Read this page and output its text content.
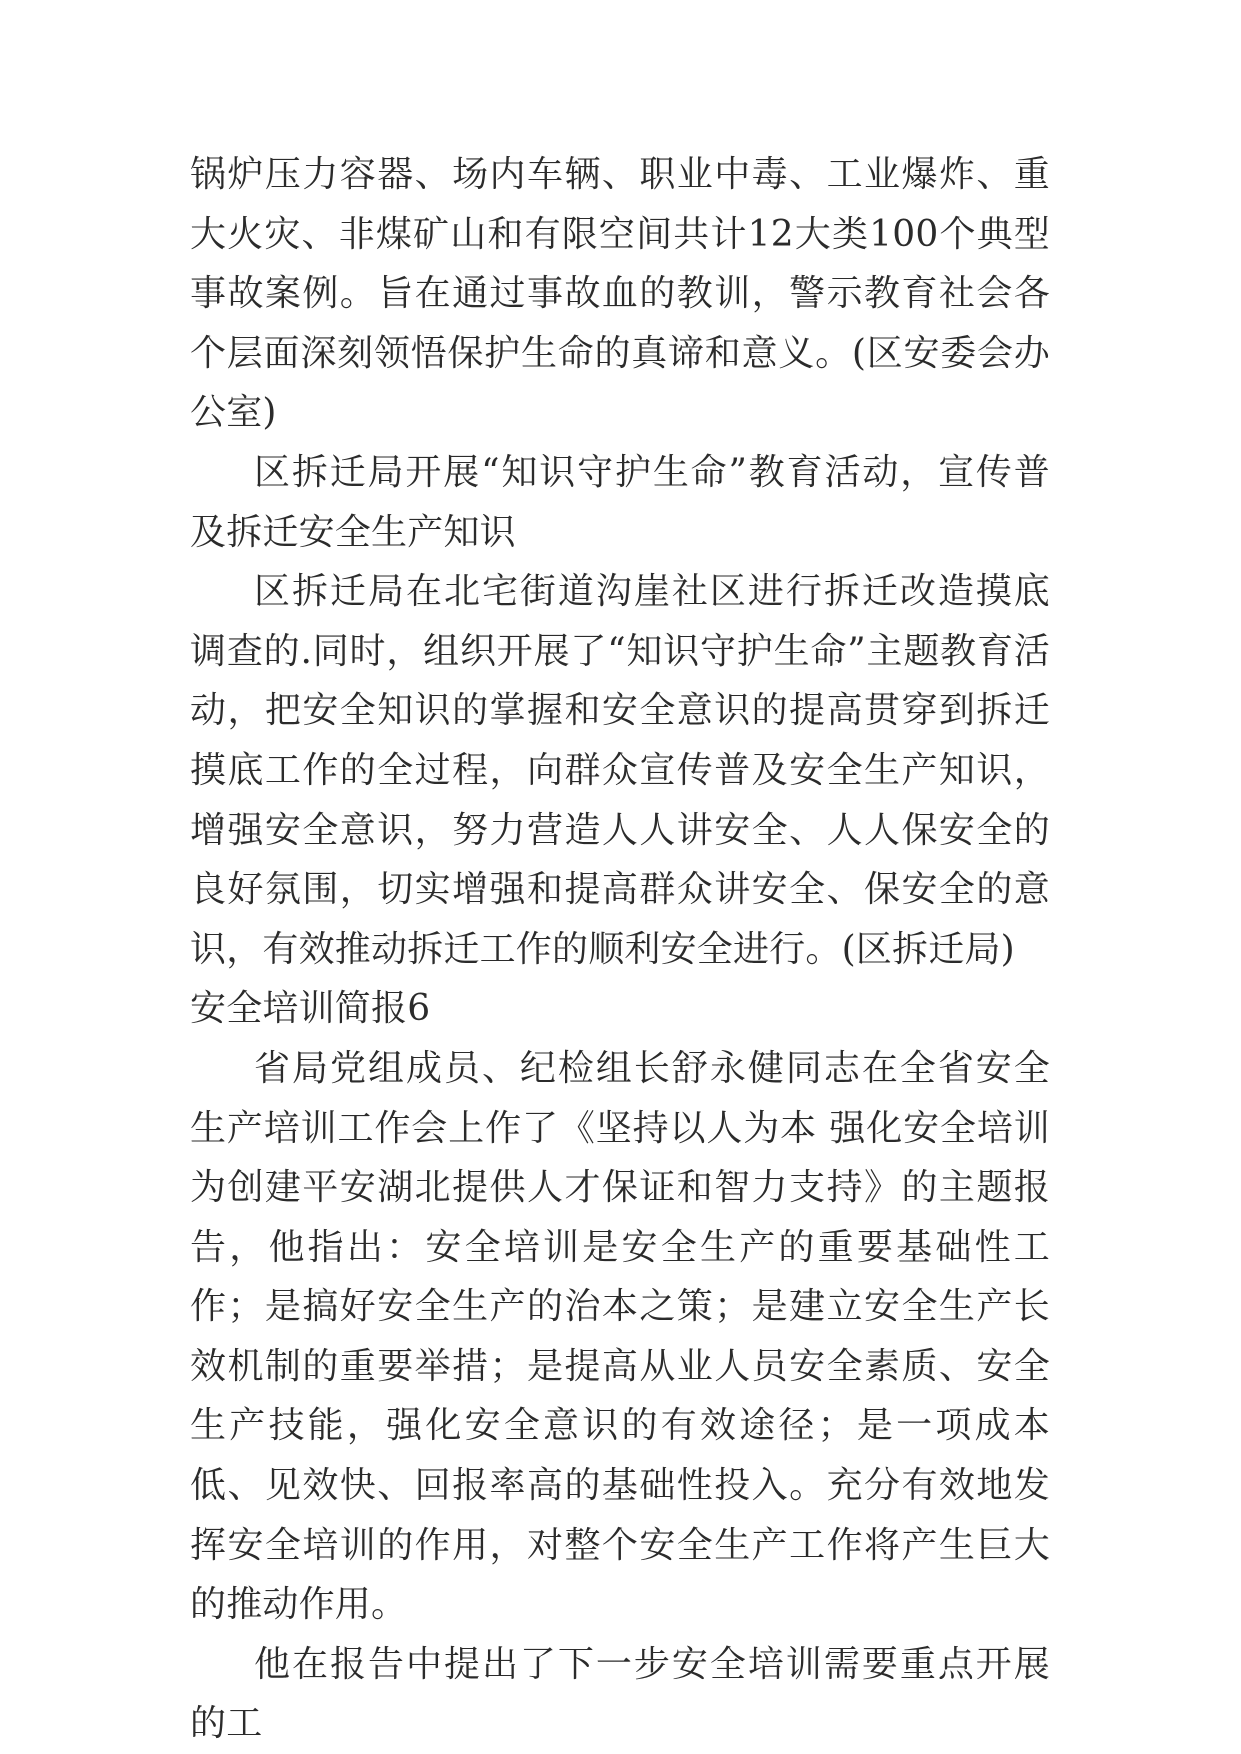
锅炉压力容器、场内车辆、职业中毒、工业爆炸、重大火灾、非煤矿山和有限空间共计12大类100个典型事故案例。旨在通过事故血的教训，警示教育社会各个层面深刻领悟保护生命的真谛和意义。(区安委会办公室)

区拆迁局开展“知识守护生命”教育活动，宣传普及拆迁安全生产知识

区拆迁局在北宅街道沟崖社区进行拆迁改造摸底调查的.同时，组织开展了“知识守护生命”主题教育活动，把安全知识的掌握和安全意识的提高贯穿到拆迁摸底工作的全过程，向群众宣传普及安全生产知识，增强安全意识，努力营造人人讲安全、人人保安全的良好氛围，切实增强和提高群众讲安全、保安全的意识，有效推动拆迁工作的顺利安全进行。(区拆迁局)

安全培训简报6

省局党组成员、纪检组长舒永健同志在全省安全生产培训工作会上作了《坚持以人为本 强化安全培训 为创建平安湖北提供人才保证和智力支持》的主题报告，他指出：安全培训是安全生产的重要基础性工作；是搞好安全生产的治本之策；是建立安全生产长效机制的重要举措；是提高从业人员安全素质、安全生产技能，强化安全意识的有效途径；是一项成本低、见效快、回报率高的基础性投入。充分有效地发挥安全培训的作用，对整个安全生产工作将产生巨大的推动作用。

他在报告中提出了下一步安全培训需要重点开展的工
